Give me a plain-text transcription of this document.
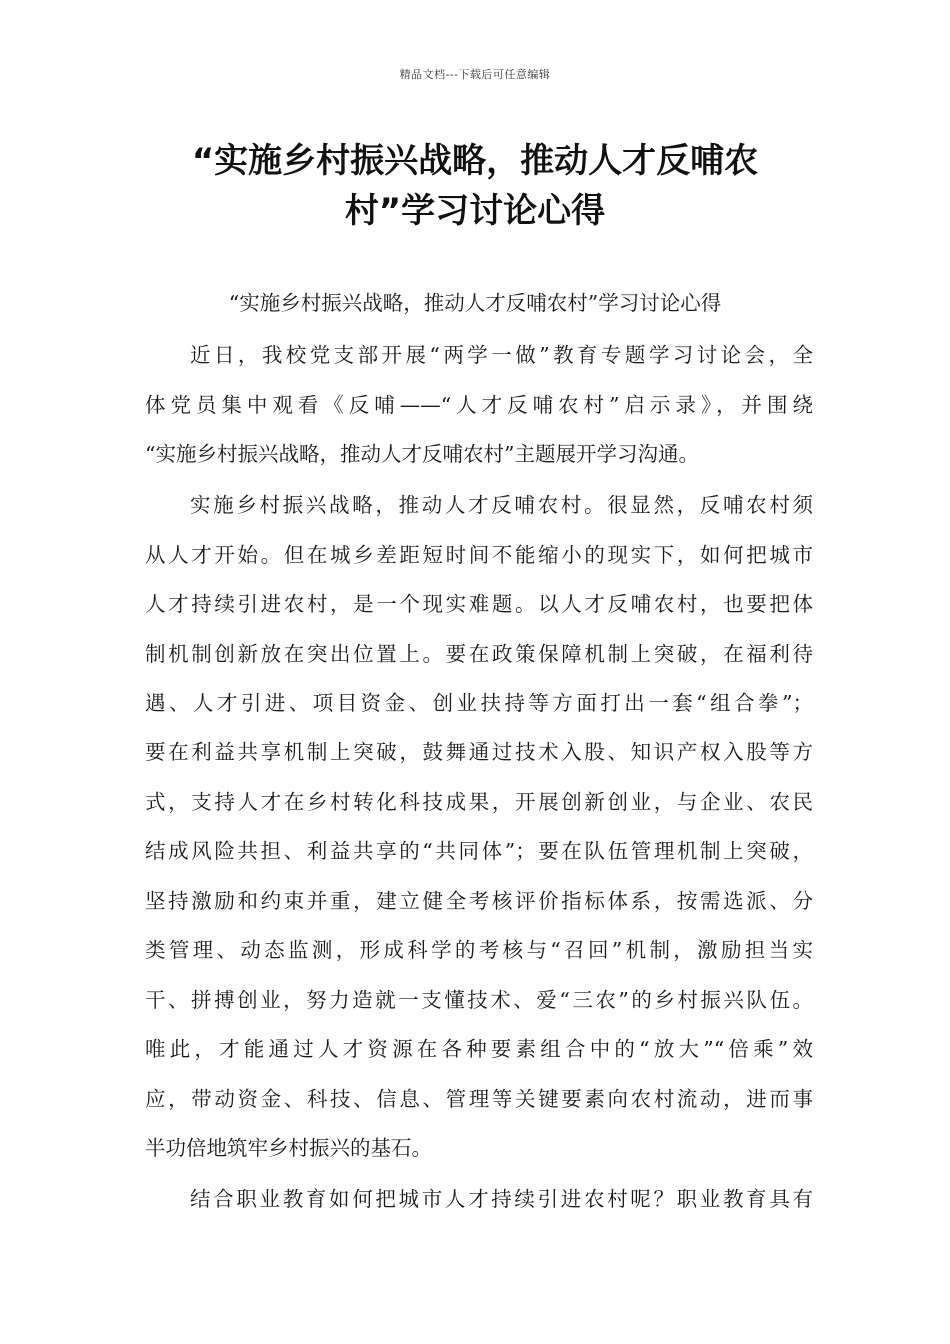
精品文档---下载后可任意编辑
“实施乡村振兴战略，推动人才反哺农
村”学习讨论心得
“实施乡村振兴战略，推动人才反哺农村”学习讨论心得
近日，我校党支部开展“两学一做”教育专题学习讨论会，全
体党员集中观看《反哺——“人才反哺农村”启示录》，并围绕
“实施乡村振兴战略，推动人才反哺农村”主题展开学习沟通。
实施乡村振兴战略，推动人才反哺农村。很显然，反哺农村须
从人才开始。但在城乡差距短时间不能缩小的现实下，如何把城市
人才持续引进农村，是一个现实难题。以人才反哺农村，也要把体
制机制创新放在突出位置上。要在政策保障机制上突破，在福利待
遇、人才引进、项目资金、创业扶持等方面打出一套“组合拳”；
要在利益共享机制上突破，鼓舞通过技术入股、知识产权入股等方
式，支持人才在乡村转化科技成果，开展创新创业，与企业、农民
结成风险共担、利益共享的“共同体”；要在队伍管理机制上突破，
坚持激励和约束并重，建立健全考核评价指标体系，按需选派、分
类管理、动态监测，形成科学的考核与“召回”机制，激励担当实
干、拼搏创业，努力造就一支懂技术、爱“三农”的乡村振兴队伍。
唯此，才能通过人才资源在各种要素组合中的“放大”“倍乘”效
应，带动资金、科技、信息、管理等关键要素向农村流动，进而事
半功倍地筑牢乡村振兴的基石。
结合职业教育如何把城市人才持续引进农村呢？职业教育具有
